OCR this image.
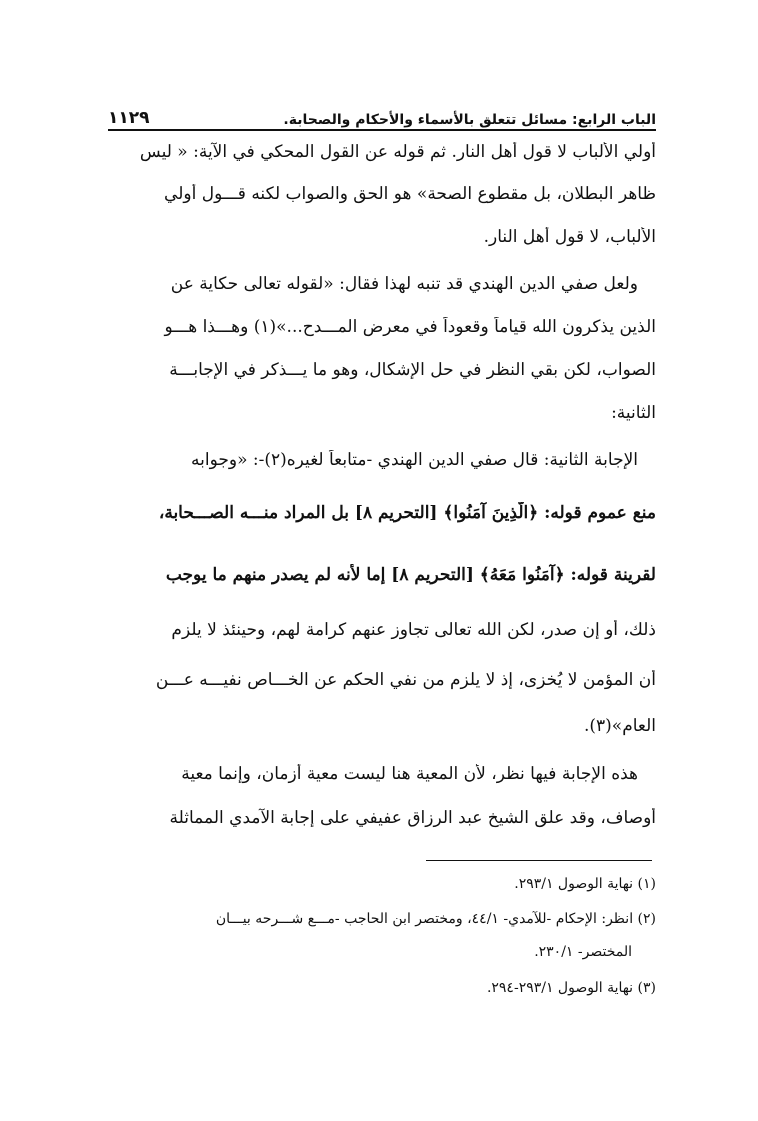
الباب الرابع: مسائل تتعلق بالأسماء والأحكام والصحابة.
١١٢٩
أولي الألباب لا قول أهل النار. ثم قوله عن القول المحكي في الآية: « ليس
ظاهر البطلان، بل مقطوع الصحة» هو الحق والصواب لكنه قـــول أولي
الألباب، لا قول أهل النار.
ولعل صفي الدين الهندي قد تنبه لهذا فقال: «لقوله تعالى حكاية عن
الذين يذكرون الله قياماً وقعوداً في معرض المـــدح...»(١) وهـــذا هـــو
الصواب، لكن بقي النظر في حل الإشكال، وهو ما يـــذكر في الإجابـــة
الثانية:
الإجابة الثانية: قال صفي الدين الهندي -متابعاً لغيره(٢)-: «وجوابه
منع عموم قوله: ﴿الَّذِينَ آمَنُوا﴾ [التحريم ٨] بل المراد منـــه الصـــحابة،
لقرينة قوله: ﴿آمَنُوا مَعَهُ﴾ [التحريم ٨] إما لأنه لم يصدر منهم ما يوجب
ذلك، أو إن صدر، لكن الله تعالى تجاوز عنهم كرامة لهم، وحينئذ لا يلزم
أن المؤمن لا يُخزى، إذ لا يلزم من نفي الحكم عن الخـــاص نفيـــه عـــن
العام»(٣).
هذه الإجابة فيها نظر، لأن المعية هنا ليست معية أزمان، وإنما معية
أوصاف، وقد علق الشيخ عبد الرزاق عفيفي على إجابة الآمدي المماثلة
(١) نهاية الوصول ٢٩٣/١.
(٢) انظر: الإحكام -للآمدي- ٤٤/١، ومختصر ابن الحاجب -مـــع شـــرحه بيـــان
المختصر- ٢٣٠/١.
(٣) نهاية الوصول ٢٩٣/١-٢٩٤.
